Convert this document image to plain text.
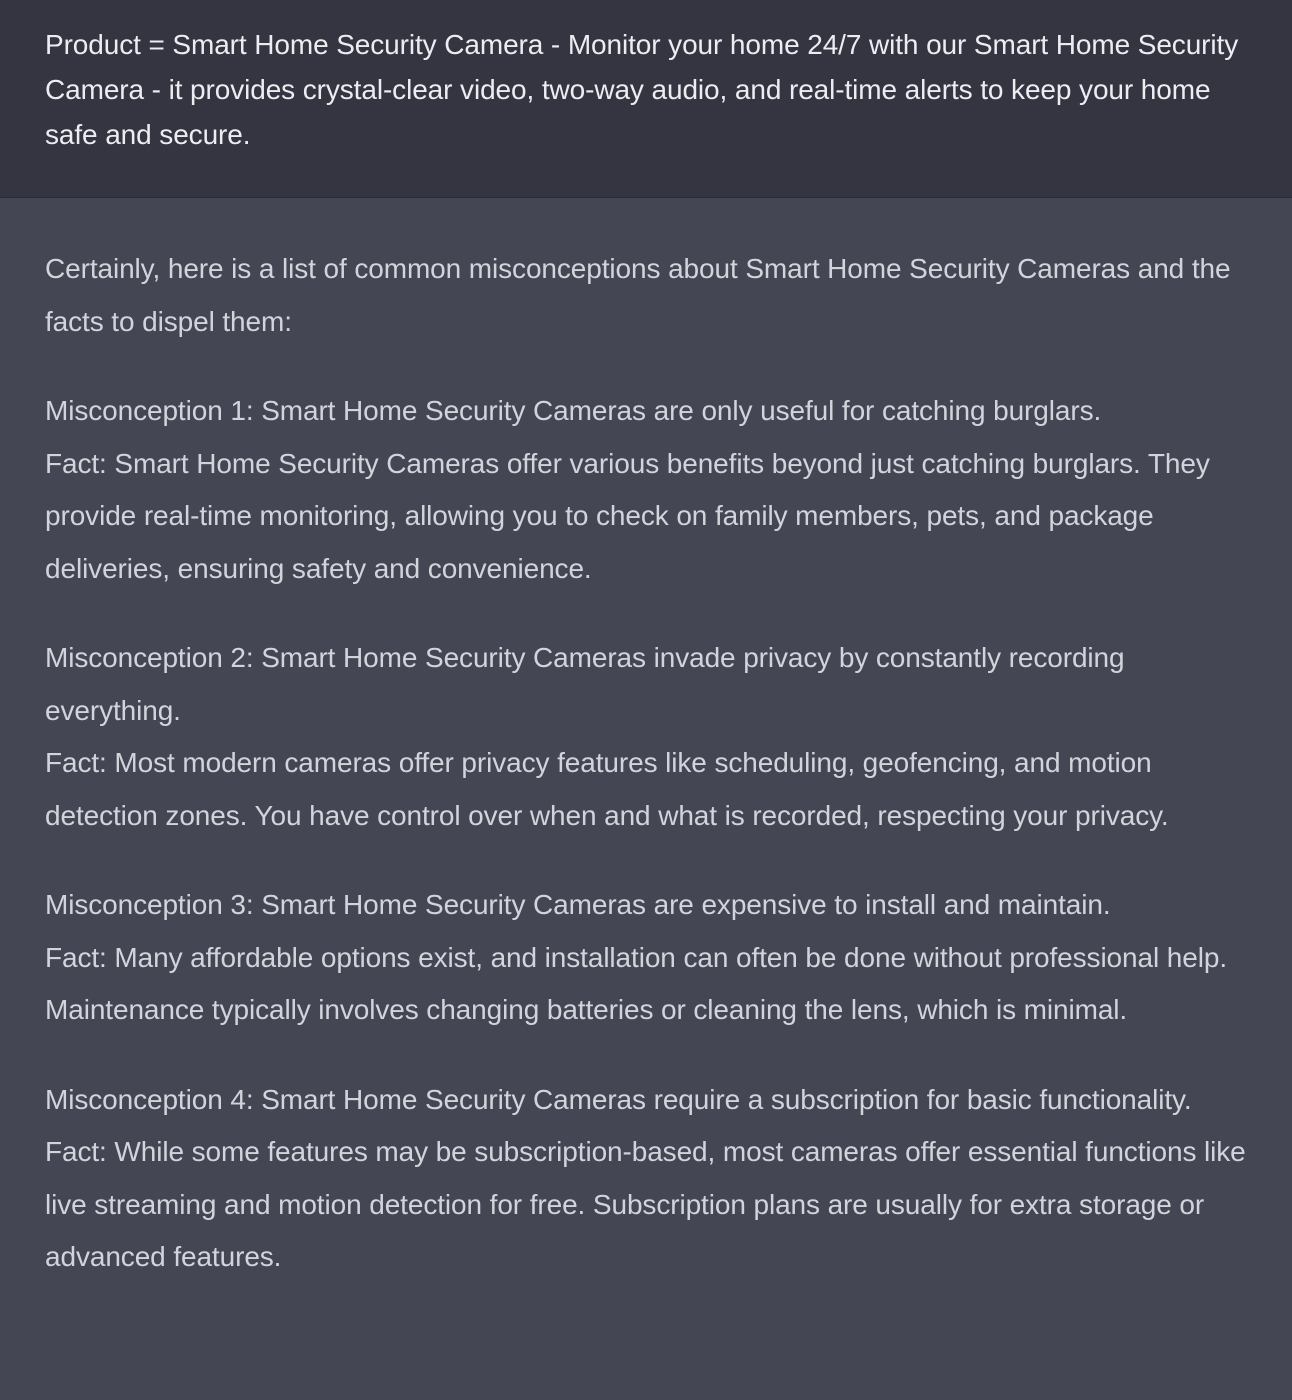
Product = Smart Home Security Camera - Monitor your home 24/7 with our Smart Home Security Camera - it provides crystal-clear video, two-way audio, and real-time alerts to keep your home safe and secure.

Certainly, here is a list of common misconceptions about Smart Home Security Cameras and the facts to dispel them:

Misconception 1: Smart Home Security Cameras are only useful for catching burglars.

Fact: Smart Home Security Cameras offer various benefits beyond just catching burglars. They provide real-time monitoring, allowing you to check on family members, pets, and package deliveries, ensuring safety and convenience.

Misconception 2: Smart Home Security Cameras invade privacy by constantly recording everything.

Fact: Most modern cameras offer privacy features like scheduling, geofencing, and motion detection zones. You have control over when and what is recorded, respecting your privacy.

Misconception 3: Smart Home Security Cameras are expensive to install and maintain.

Fact: Many affordable options exist, and installation can often be done without professional help. Maintenance typically involves changing batteries or cleaning the lens, which is minimal.

Misconception 4: Smart Home Security Cameras require a subscription for basic functionality.

Fact: While some features may be subscription-based, most cameras offer essential functions like live streaming and motion detection for free. Subscription plans are usually for extra storage or advanced features.
